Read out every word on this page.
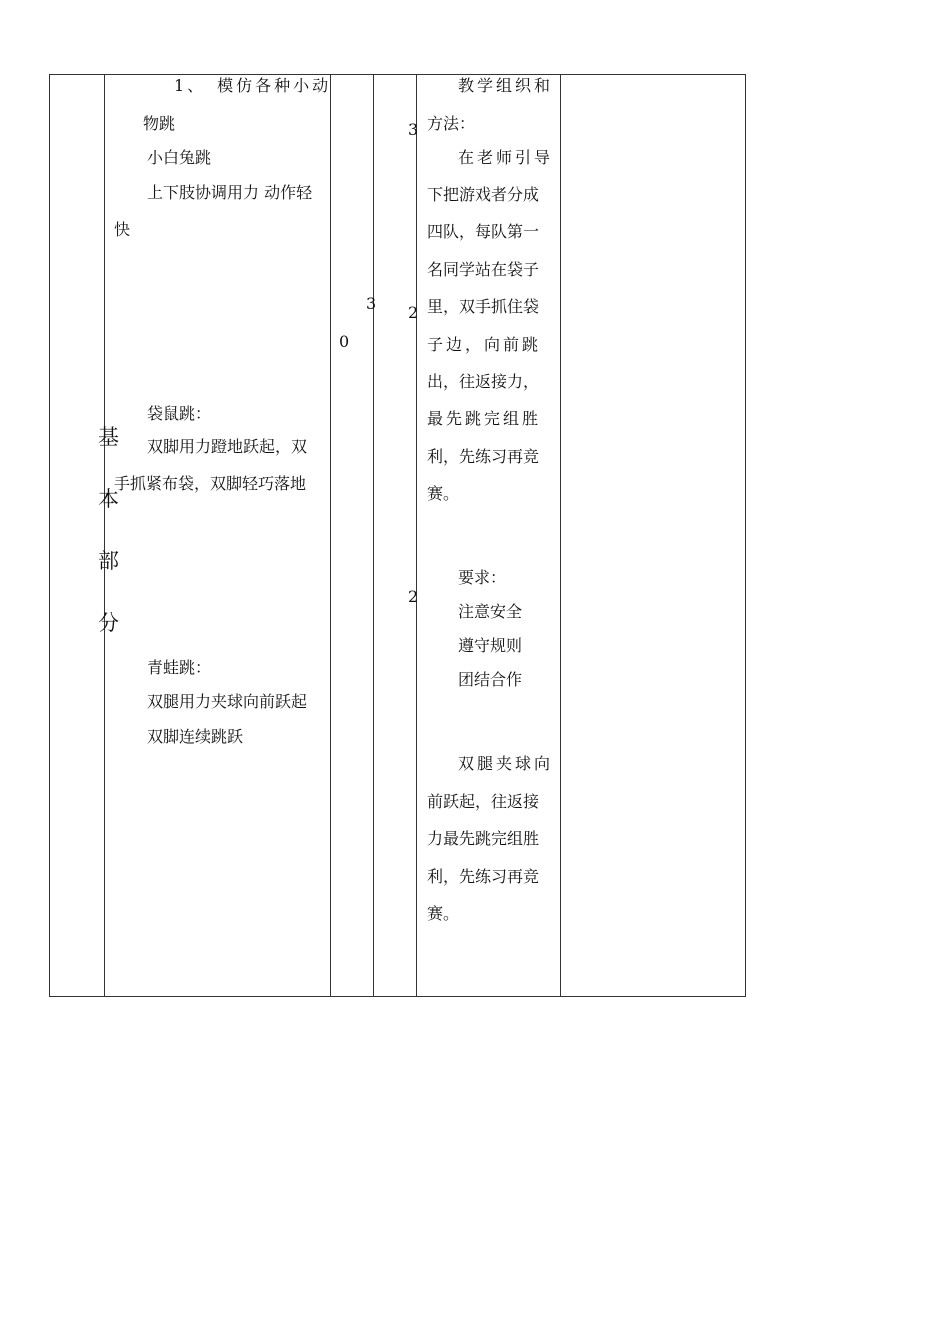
基
本
部
分
1、　模仿各种小动
物跳
小白兔跳
上下肢协调用力 动作轻
快
袋鼠跳：
双脚用力蹬地跃起，双
手抓紧布袋，双脚轻巧落地
青蛙跳：
双腿用力夹球向前跃起
双脚连续跳跃
3
0
3
2
2
教学组织和
方法：
在老师引导
下把游戏者分成
四队，每队第一
名同学站在袋子
里，双手抓住袋
子边，向前跳
出，往返接力，
最先跳完组胜
利，先练习再竞
赛。
要求：
注意安全
遵守规则
团结合作
双腿夹球向
前跃起，往返接
力最先跳完组胜
利，先练习再竞
赛。
